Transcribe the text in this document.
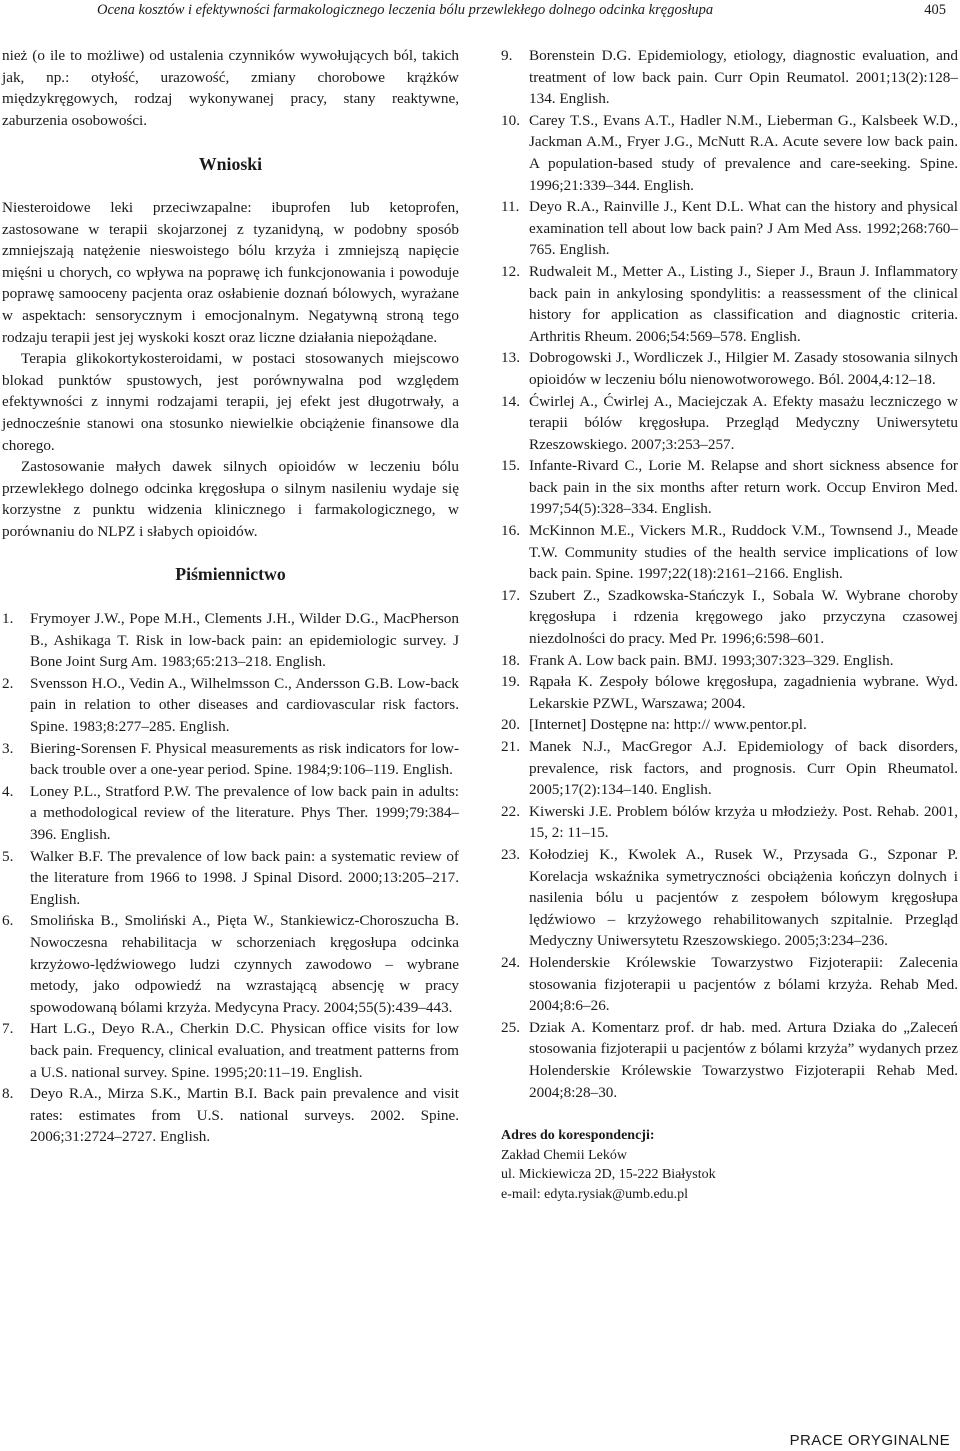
Ocena kosztów i efektywności farmakologicznego leczenia bólu przewlekłego dolnego odcinka kręgosłupa	405

nież (o ile to możliwe) od ustalenia czynników wywołujących ból, takich jak, np.: otyłość, urazowość, zmiany chorobowe krążków międzykręgowych, rodzaj wykonywanej pracy, stany reaktywne, zaburzenia osobowości.

Wnioski

Niesteroidowe leki przeciwzapalne: ibuprofen lub ketoprofen, zastosowane w terapii skojarzonej z tyzanidyną, w podobny sposób zmniejszają natężenie nieswoistego bólu krzyża i zmniejszą napięcie mięśni u chorych, co wpływa na poprawę ich funkcjonowania i powoduje poprawę samooceny pacjenta oraz osłabienie doznań bólowych, wyrażane w aspektach: sensorycznym i emocjonalnym. Negatywną stroną tego rodzaju terapii jest jej wyskoki koszt oraz liczne działania niepożądane.

Terapia glikokortykosteroidami, w postaci stosowanych miejscowo blokad punktów spustowych, jest porównywalna pod względem efektywności z innymi rodzajami terapii, jej efekt jest długotrwały, a jednocześnie stanowi ona stosunko niewielkie obciążenie finansowe dla chorego.

Zastosowanie małych dawek silnych opioidów w leczeniu bólu przewlekłego dolnego odcinka kręgosłupa o silnym nasileniu wydaje się korzystne z punktu widzenia klinicznego i farmakologicznego, w porównaniu do NLPZ i słabych opioidów.

Piśmiennictwo
1. Frymoyer J.W., Pope M.H., Clements J.H., Wilder D.G., MacPherson B., Ashikaga T. Risk in low-back pain: an epidemiologic survey. J Bone Joint Surg Am. 1983;65:213–218. English.
2. Svensson H.O., Vedin A., Wilhelmsson C., Andersson G.B. Low-back pain in relation to other diseases and cardiovascular risk factors. Spine. 1983;8:277–285. English.
3. Biering-Sorensen F. Physical measurements as risk indicators for low-back trouble over a one-year period. Spine. 1984;9:106–119. English.
4. Loney P.L., Stratford P.W. The prevalence of low back pain in adults: a methodological review of the literature. Phys Ther. 1999;79:384–396. English.
5. Walker B.F. The prevalence of low back pain: a systematic review of the literature from 1966 to 1998. J Spinal Disord. 2000;13:205–217. English.
6. Smolińska B., Smoliński A., Pięta W., Stankiewicz-Choroszucha B. Nowoczesna rehabilitacja w schorzeniach kręgosłupa odcinka krzyżowo-lędźwiowego ludzi czynnych zawodowo – wybrane metody, jako odpowiedź na wzrastającą absencję w pracy spowodowaną bólami krzyża. Medycyna Pracy. 2004;55(5):439–443.
7. Hart L.G., Deyo R.A., Cherkin D.C. Physican office visits for low back pain. Frequency, clinical evaluation, and treatment patterns from a U.S. national survey. Spine. 1995;20:11–19. English.
8. Deyo R.A., Mirza S.K., Martin B.I. Back pain prevalence and visit rates: estimates from U.S. national surveys. 2002. Spine. 2006;31:2724–2727. English.
9. Borenstein D.G. Epidemiology, etiology, diagnostic evaluation, and treatment of low back pain. Curr Opin Reumatol. 2001;13(2):128–134. English.
10. Carey T.S., Evans A.T., Hadler N.M., Lieberman G., Kalsbeek W.D., Jackman A.M., Fryer J.G., McNutt R.A. Acute severe low back pain. A population-based study of prevalence and care-seeking. Spine. 1996;21:339–344. English.
11. Deyo R.A., Rainville J., Kent D.L. What can the history and physical examination tell about low back pain? J Am Med Ass. 1992;268:760–765. English.
12. Rudwaleit M., Metter A., Listing J., Sieper J., Braun J. Inflammatory back pain in ankylosing spondylitis: a reassessment of the clinical history for application as classification and diagnostic criteria. Arthritis Rheum. 2006;54:569–578. English.
13. Dobrogowski J., Wordliczek J., Hilgier M. Zasady stosowania silnych opioidów w leczeniu bólu nienowotworowego. Ból. 2004,4:12–18.
14. Ćwirlej A., Ćwirlej A., Maciejczak A. Efekty masażu leczniczego w terapii bólów kręgosłupa. Przegląd Medyczny Uniwersytetu Rzeszowskiego. 2007;3:253–257.
15. Infante-Rivard C., Lorie M. Relapse and short sickness absence for back pain in the six months after return work. Occup Environ Med. 1997;54(5):328–334. English.
16. McKinnon M.E., Vickers M.R., Ruddock V.M., Townsend J., Meade T.W. Community studies of the health service implications of low back pain. Spine. 1997;22(18):2161–2166. English.
17. Szubert Z., Szadkowska-Stańczyk I., Sobala W. Wybrane choroby kręgosłupa i rdzenia kręgowego jako przyczyna czasowej niezdolności do pracy. Med Pr. 1996;6:598–601.
18. Frank A. Low back pain. BMJ. 1993;307:323–329. English.
19. Rąpała K. Zespoły bólowe kręgosłupa, zagadnienia wybrane. Wyd. Lekarskie PZWL, Warszawa; 2004.
20. [Internet] Dostępne na: http:// www.pentor.pl.
21. Manek N.J., MacGregor A.J. Epidemiology of back disorders, prevalence, risk factors, and prognosis. Curr Opin Rheumatol. 2005;17(2):134–140. English.
22. Kiwerski J.E. Problem bólów krzyża u młodzieży. Post. Rehab. 2001, 15, 2: 11–15.
23. Kołodziej K., Kwolek A., Rusek W., Przysada G., Szponar P. Korelacja wskaźnika symetryczności obciążenia kończyn dolnych i nasilenia bólu u pacjentów z zespołem bólowym kręgosłupa lędźwiowo – krzyżowego rehabilitowanych szpitalnie. Przegląd Medyczny Uniwersytetu Rzeszowskiego. 2005;3:234–236.
24. Holenderskie Królewskie Towarzystwo Fizjoterapii: Zalecenia stosowania fizjoterapii u pacjentów z bólami krzyża. Rehab Med. 2004;8:6–26.
25. Dziak A. Komentarz prof. dr hab. med. Artura Dziaka do „Zaleceń stosowania fizjoterapii u pacjentów z bólami krzyża” wydanych przez Holenderskie Królewskie Towarzystwo Fizjoterapii Rehab Med. 2004;8:28–30.
Adres do korespondencji:
Zakład Chemii Leków
ul. Mickiewicza 2D, 15-222 Białystok
e-mail: edyta.rysiak@umb.edu.pl
PRACE ORYGINALNE
